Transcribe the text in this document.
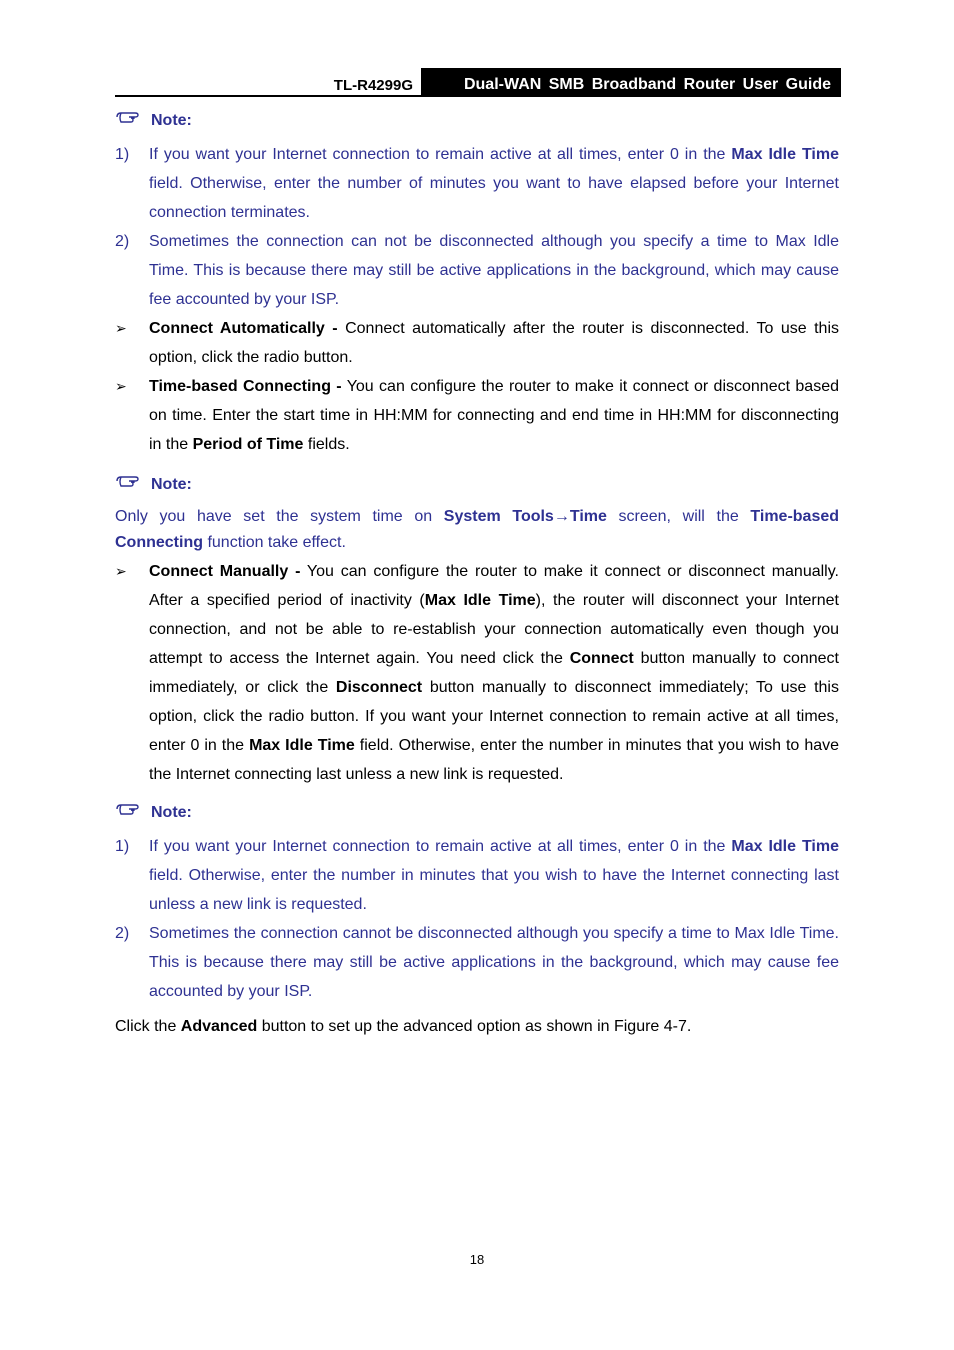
TL-R4299G	Dual-WAN SMB Broadband Router User Guide
Note:
1) If you want your Internet connection to remain active at all times, enter 0 in the Max Idle Time field. Otherwise, enter the number of minutes you want to have elapsed before your Internet connection terminates.
2) Sometimes the connection can not be disconnected although you specify a time to Max Idle Time. This is because there may still be active applications in the background, which may cause fee accounted by your ISP.
➢ Connect Automatically - Connect automatically after the router is disconnected. To use this option, click the radio button.
➢ Time-based Connecting - You can configure the router to make it connect or disconnect based on time. Enter the start time in HH:MM for connecting and end time in HH:MM for disconnecting in the Period of Time fields.
Note:
Only you have set the system time on System Tools→Time screen, will the Time-based Connecting function take effect.
➢ Connect Manually - You can configure the router to make it connect or disconnect manually. After a specified period of inactivity (Max Idle Time), the router will disconnect your Internet connection, and not be able to re-establish your connection automatically even though you attempt to access the Internet again. You need click the Connect button manually to connect immediately, or click the Disconnect button manually to disconnect immediately; To use this option, click the radio button. If you want your Internet connection to remain active at all times, enter 0 in the Max Idle Time field. Otherwise, enter the number in minutes that you wish to have the Internet connecting last unless a new link is requested.
Note:
1) If you want your Internet connection to remain active at all times, enter 0 in the Max Idle Time field. Otherwise, enter the number in minutes that you wish to have the Internet connecting last unless a new link is requested.
2) Sometimes the connection cannot be disconnected although you specify a time to Max Idle Time. This is because there may still be active applications in the background, which may cause fee accounted by your ISP.
Click the Advanced button to set up the advanced option as shown in Figure 4-7.
18
